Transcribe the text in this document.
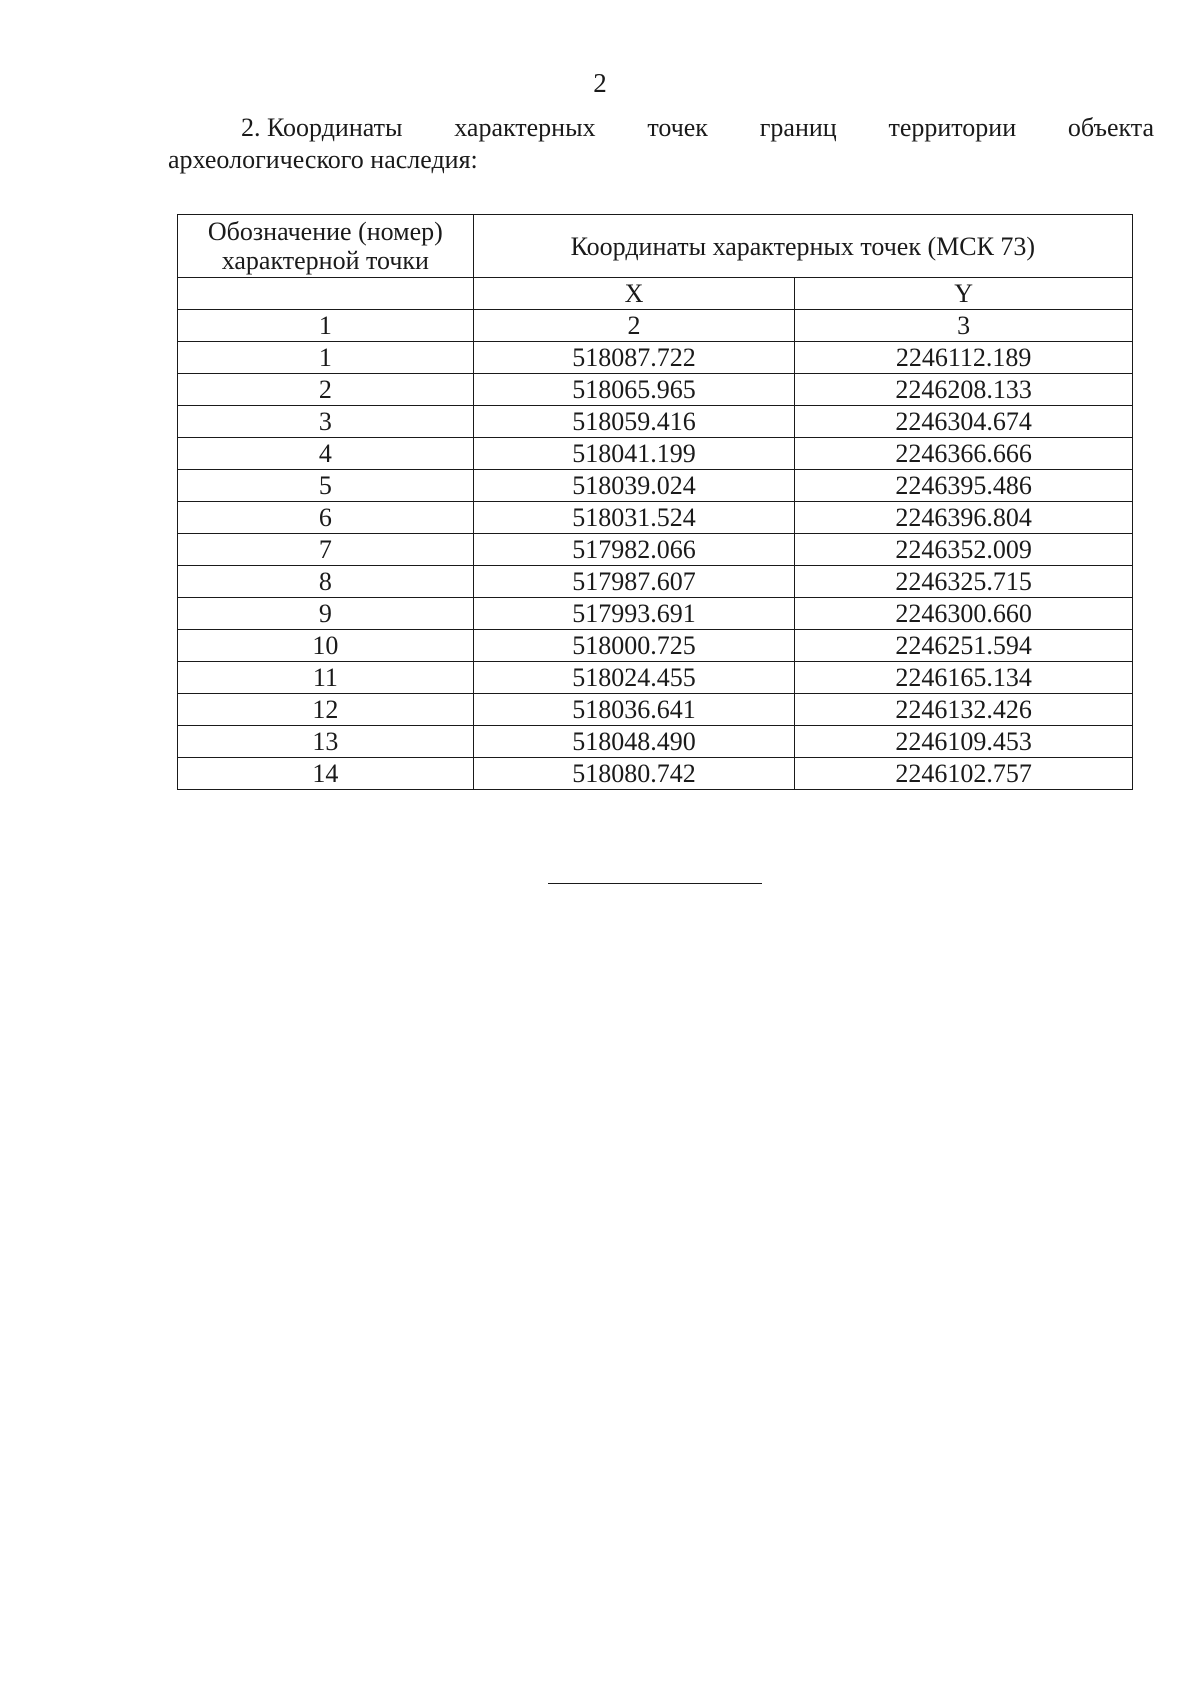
2
2. Координаты характерных точек границ территории объекта
археологического наследия:
Обозначение (номер) характерной точки	Координаты характерных точек (МСК 73)	
	X	Y
1	2	3
1	518087.722	2246112.189
2	518065.965	2246208.133
3	518059.416	2246304.674
4	518041.199	2246366.666
5	518039.024	2246395.486
6	518031.524	2246396.804
7	517982.066	2246352.009
8	517987.607	2246325.715
9	517993.691	2246300.660
10	518000.725	2246251.594
11	518024.455	2246165.134
12	518036.641	2246132.426
13	518048.490	2246109.453
14	518080.742	2246102.757
